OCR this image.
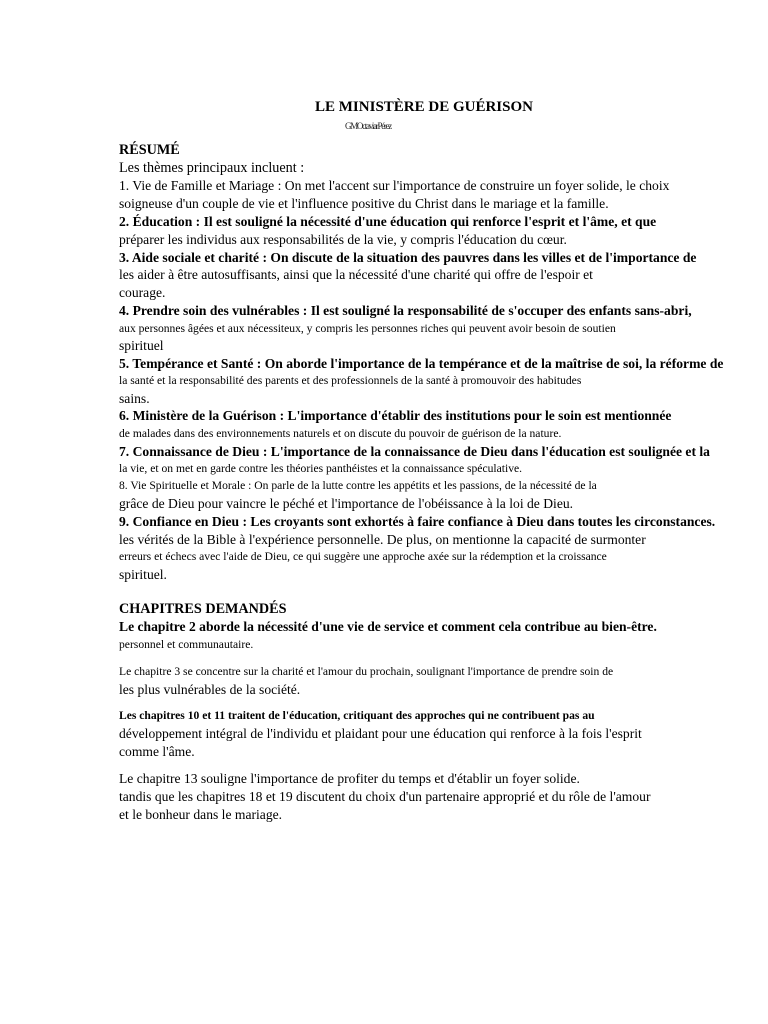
LE MINISTÈRE DE GUÉRISON
GMOctaviarPérez
RÉSUMÉ
Les thèmes principaux incluent :
1. Vie de Famille et Mariage : On met l'accent sur l'importance de construire un foyer solide, le choix
soigneuse d'un couple de vie et l'influence positive du Christ dans le mariage et la famille.
2. Éducation : Il est souligné la nécessité d'une éducation qui renforce l'esprit et l'âme, et que
préparer les individus aux responsabilités de la vie, y compris l'éducation du cœur.
3. Aide sociale et charité : On discute de la situation des pauvres dans les villes et de l'importance de
les aider à être autosuffisants, ainsi que la nécessité d'une charité qui offre de l'espoir et
courage.
4. Prendre soin des vulnérables : Il est souligné la responsabilité de s'occuper des enfants sans-abri,
aux personnes âgées et aux nécessiteux, y compris les personnes riches qui peuvent avoir besoin de soutien
spirituel
5. Tempérance et Santé : On aborde l'importance de la tempérance et de la maîtrise de soi, la réforme de
la santé et la responsabilité des parents et des professionnels de la santé à promouvoir des habitudes
sains.
6. Ministère de la Guérison : L'importance d'établir des institutions pour le soin est mentionnée
de malades dans des environnements naturels et on discute du pouvoir de guérison de la nature.
7. Connaissance de Dieu : L'importance de la connaissance de Dieu dans l'éducation est soulignée et la
la vie, et on met en garde contre les théories panthéistes et la connaissance spéculative.
8. Vie Spirituelle et Morale : On parle de la lutte contre les appétits et les passions, de la nécessité de la
grâce de Dieu pour vaincre le péché et l'importance de l'obéissance à la loi de Dieu.
9. Confiance en Dieu : Les croyants sont exhortés à faire confiance à Dieu dans toutes les circonstances.
les vérités de la Bible à l'expérience personnelle. De plus, on mentionne la capacité de surmonter
erreurs et échecs avec l'aide de Dieu, ce qui suggère une approche axée sur la rédemption et la croissance
spirituel.
CHAPITRES DEMANDÉS
Le chapitre 2 aborde la nécessité d'une vie de service et comment cela contribue au bien-être.
personnel et communautaire.
Le chapitre 3 se concentre sur la charité et l'amour du prochain, soulignant l'importance de prendre soin de
les plus vulnérables de la société.
Les chapitres 10 et 11 traitent de l'éducation, critiquant des approches qui ne contribuent pas au
développement intégral de l'individu et plaidant pour une éducation qui renforce à la fois l'esprit
comme l'âme.
Le chapitre 13 souligne l'importance de profiter du temps et d'établir un foyer solide.
tandis que les chapitres 18 et 19 discutent du choix d'un partenaire approprié et du rôle de l'amour
et le bonheur dans le mariage.
